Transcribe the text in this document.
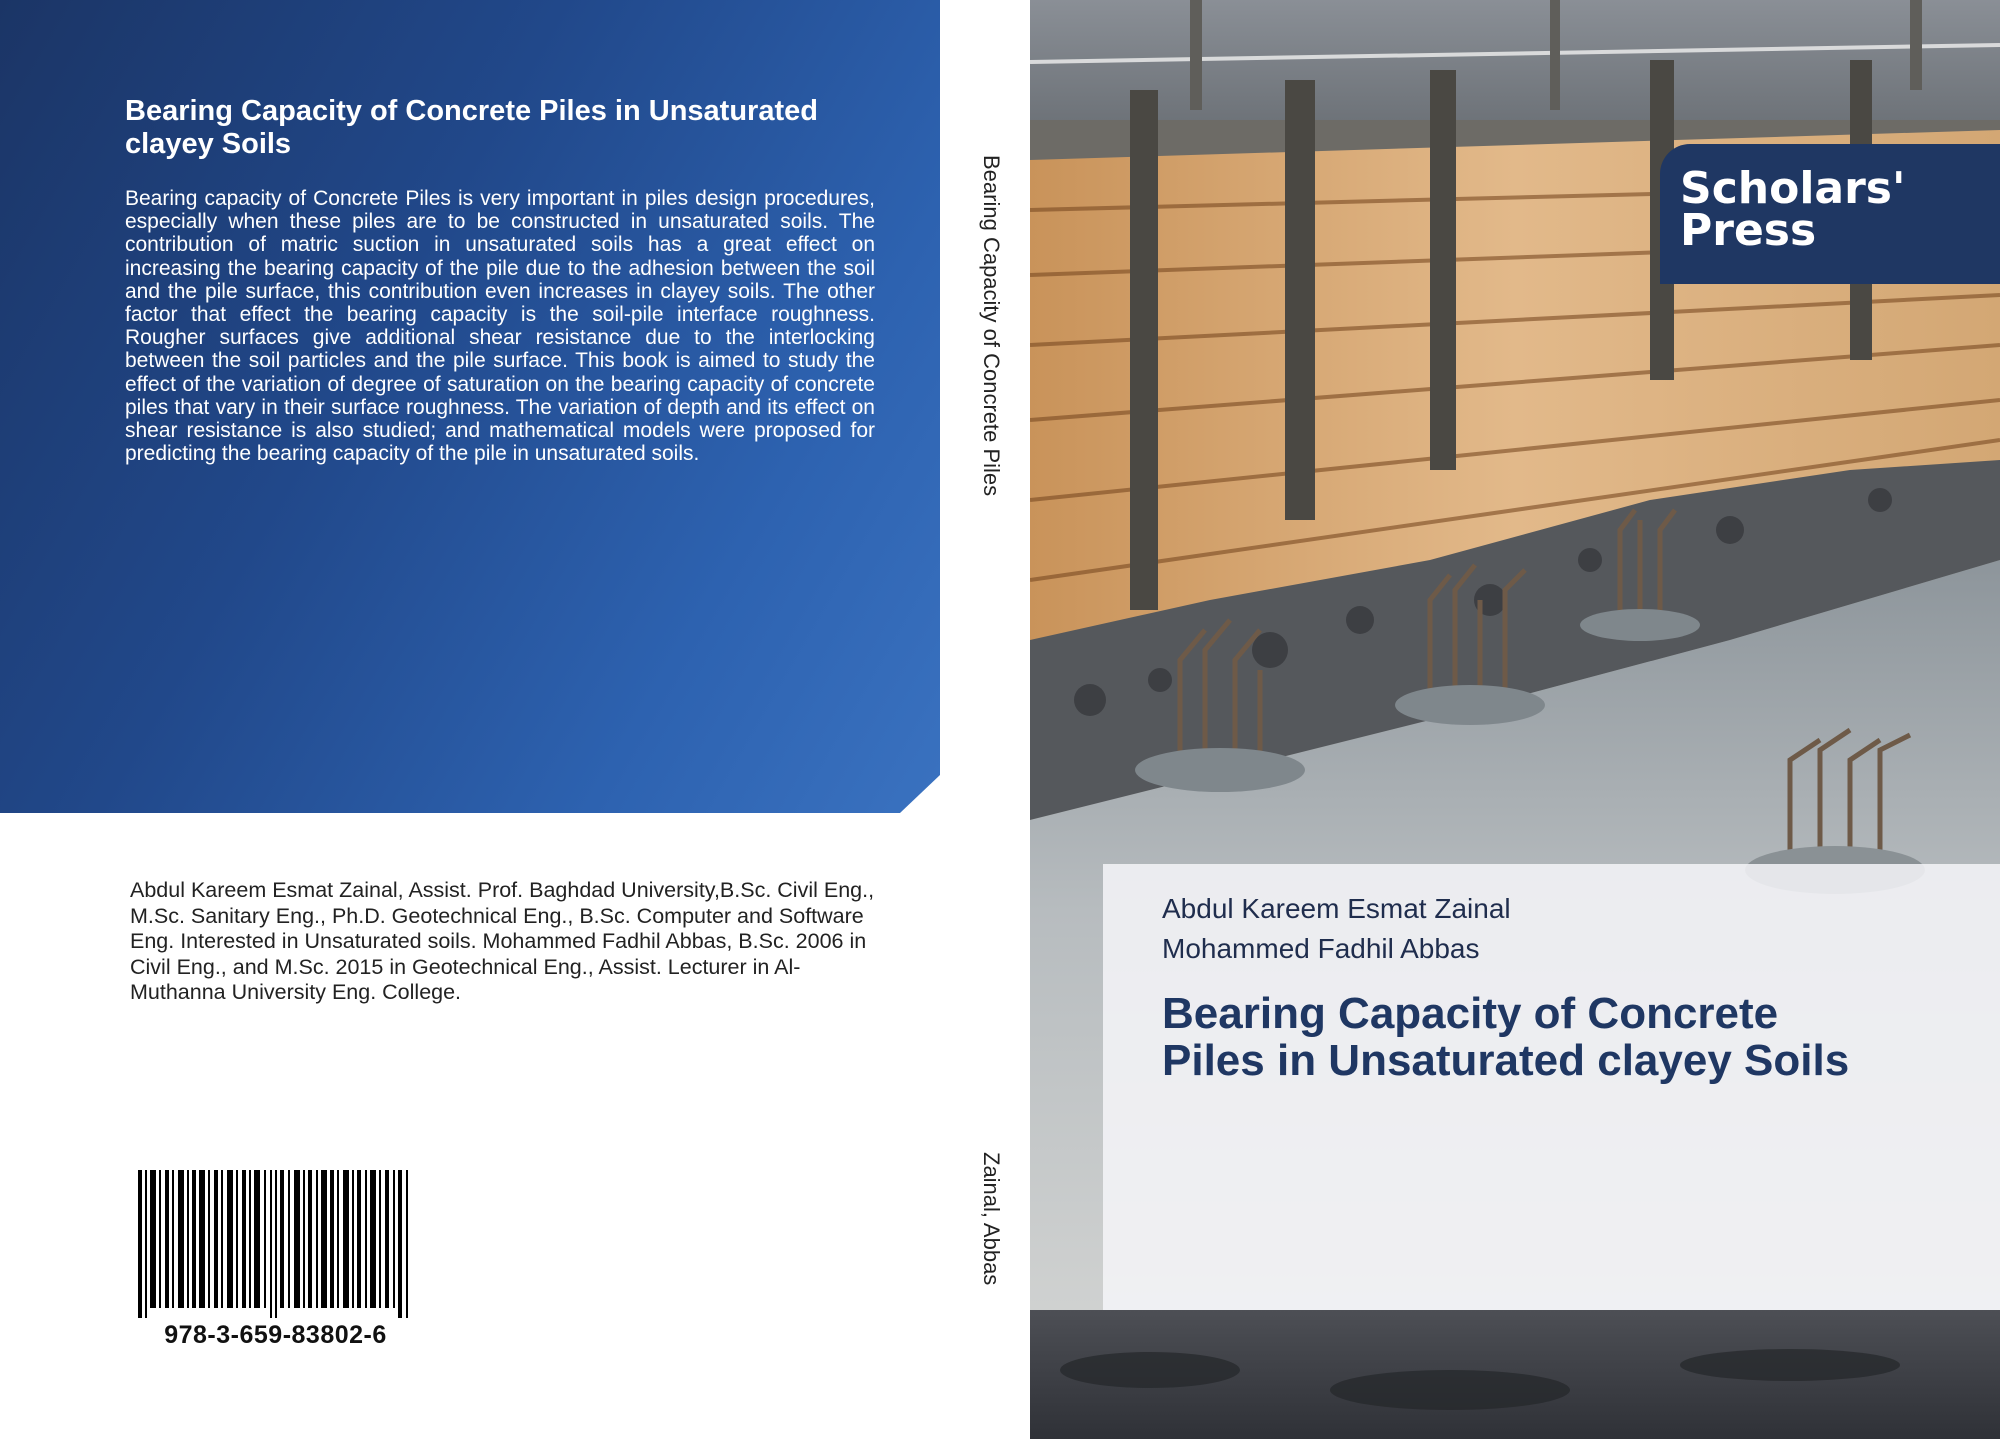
Bearing Capacity of Concrete Piles in Unsaturated clayey Soils

Bearing capacity of Concrete Piles is very important in piles design procedures, especially when these piles are to be constructed in unsaturated soils. The contribution of matric suction in unsaturated soils has a great effect on increasing the bearing capacity of the pile due to the adhesion between the soil and the pile surface, this contribution even increases in clayey soils. The other factor that effect the bearing capacity is the soil-pile interface roughness. Rougher surfaces give additional shear resistance due to the interlocking between the soil particles and the pile surface. This book is aimed to study the effect of the variation of degree of saturation on the bearing capacity of concrete piles that vary in their surface roughness. The variation of depth and its effect on shear resistance is also studied; and mathematical models were proposed for predicting the bearing capacity of the pile in unsaturated soils.

Abdul Kareem Esmat Zainal, Assist. Prof. Baghdad University,B.Sc. Civil Eng., M.Sc. Sanitary Eng., Ph.D. Geotechnical Eng., B.Sc. Computer and Software Eng. Interested in Unsaturated soils. Mohammed Fadhil Abbas, B.Sc. 2006 in Civil Eng., and M.Sc. 2015 in Geotechnical Eng., Assist. Lecturer in Al-Muthanna University Eng. College.

978-3-659-83802-6
Bearing Capacity of Concrete Piles
Zainal, Abbas

Scholars' Press

Abdul Kareem Esmat Zainal

Mohammed Fadhil Abbas

Bearing Capacity of Concrete Piles in Unsaturated clayey Soils
